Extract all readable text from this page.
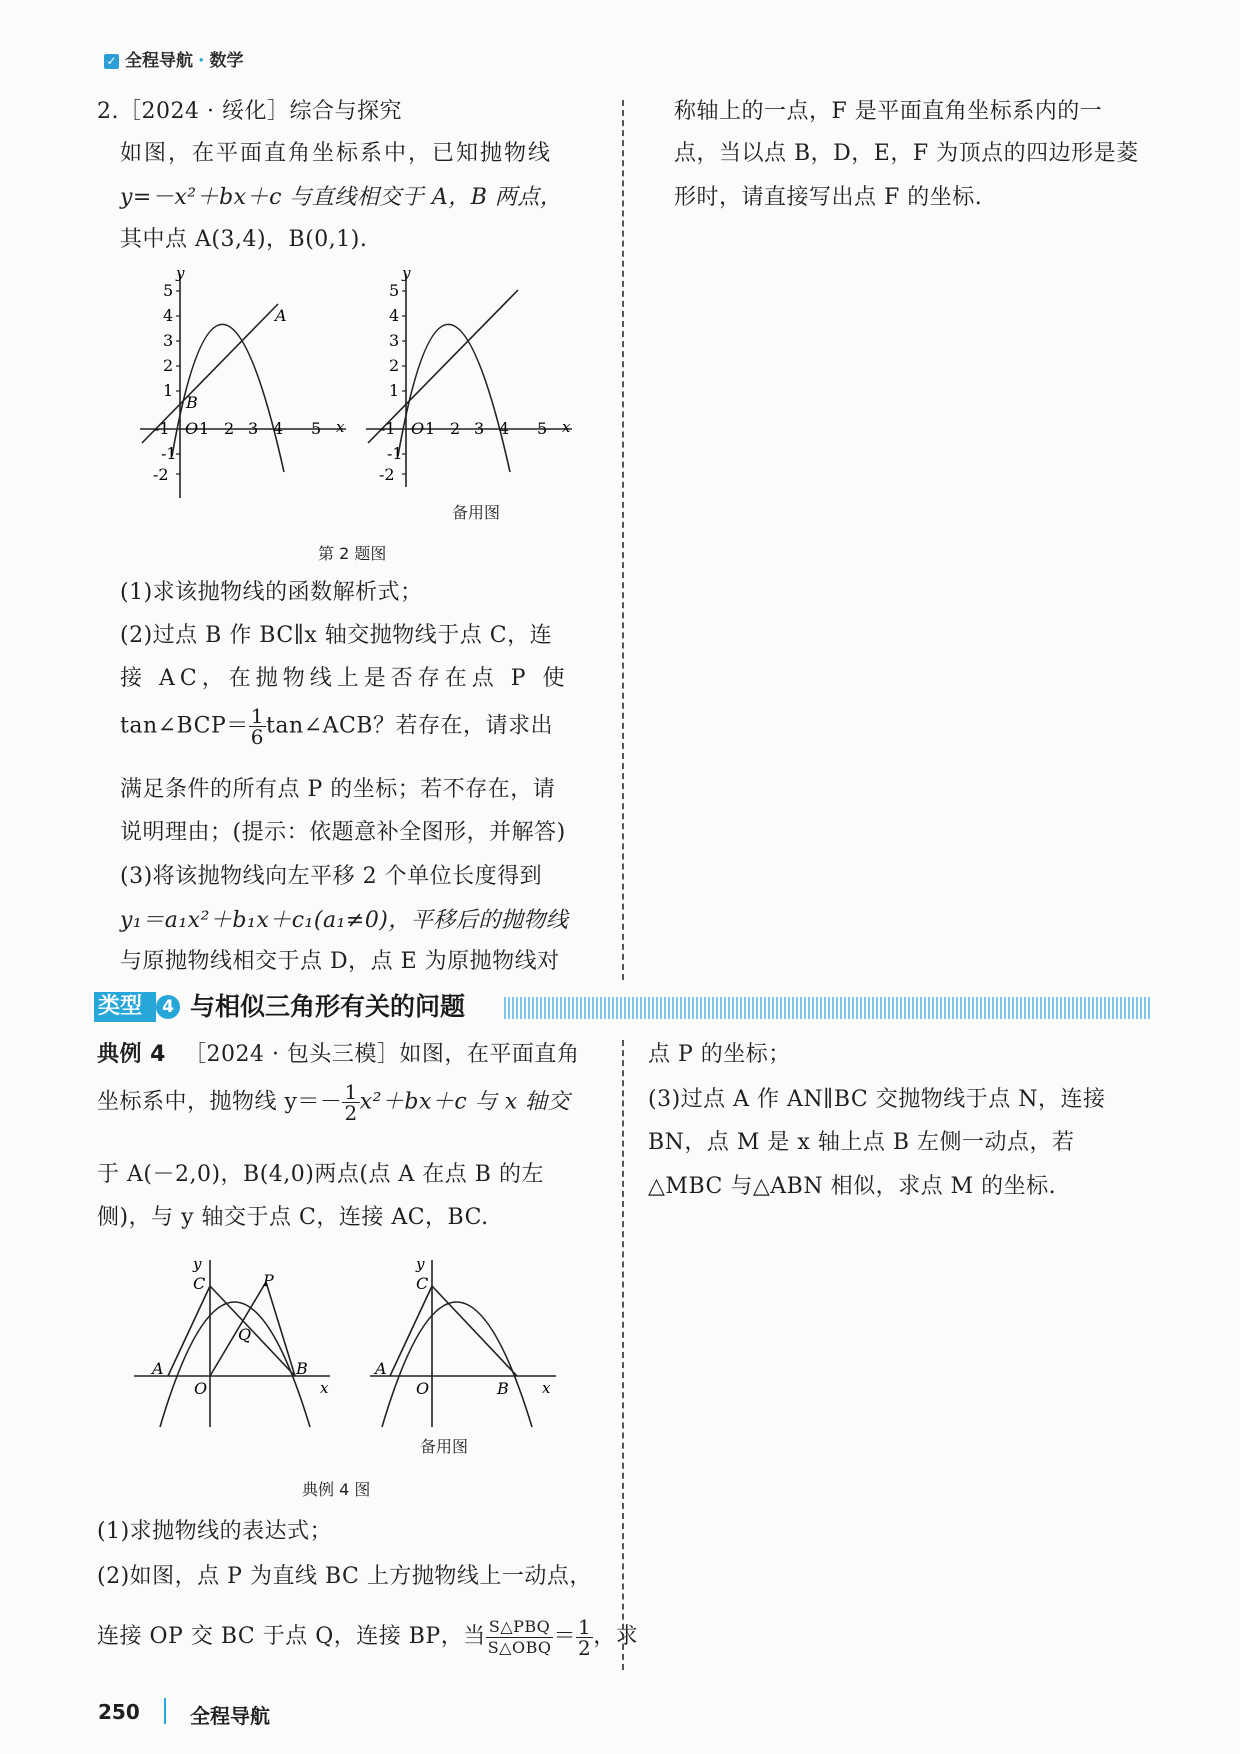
✓ 全程导航 · 数学
2.［2024 · 绥化］综合与探究
如图，在平面直角坐标系中，已知抛物线
y=－x²＋bx＋c 与直线相交于 A，B 两点，
其中点 A(3,4)，B(0,1).
y
x
5
4
3
2
1
-1
-2
-1 O 1 2 3 4 5
A
B
y
x
5
4
3
2
1
-1
-2
-1 O 1 2 3 4 5
备用图
第 2 题图
(1)求该抛物线的函数解析式；
(2)过点 B 作 BC∥x 轴交抛物线于点 C，连
接 AC，在抛物线上是否存在点 P 使
tan∠BCP＝ $\frac{1}{6}$ tan∠ACB？若存在，请求出
满足条件的所有点 P 的坐标；若不存在，请
说明理由；(提示：依题意补全图形，并解答)
(3)将该抛物线向左平移 2 个单位长度得到
y₁＝a₁x²＋b₁x＋c₁(a₁≠0)，平移后的抛物线
与原抛物线相交于点 D，点 E 为原抛物线对
称轴上的一点，F 是平面直角坐标系内的一
点，当以点 B，D，E，F 为顶点的四边形是菱
形时，请直接写出点 F 的坐标.
类型	4 与相似三角形有关的问题
典例 4 ［2024 · 包头三模］如图，在平面直角
坐标系中，抛物线 $y=- \frac{1}{2} x^2+bx+c$ 与 x 轴交
于 A(－2,0)，B(4,0)两点(点 A 在点 B 的左
侧)，与 y 轴交于点 C，连接 AC，BC.
y
x
O
A	B
C	P
Q
y
x
O
A
B
C
备用图
典例 4 图
(1)求抛物线的表达式；
(2)如图，点 P 为直线 BC 上方抛物线上一动点，
连接 OP 交 BC 于点 Q，连接 BP，当 $\frac{\text{S△PBQ}}{\text{S△OBQ}} = \frac{1}{2}$ ，求
点 P 的坐标；
(3)过点 A 作 AN∥BC 交抛物线于点 N，连接
BN，点 M 是 x 轴上点 B 左侧一动点，若
△MBC 与△ABN 相似，求点 M 的坐标.
250	全程导航
